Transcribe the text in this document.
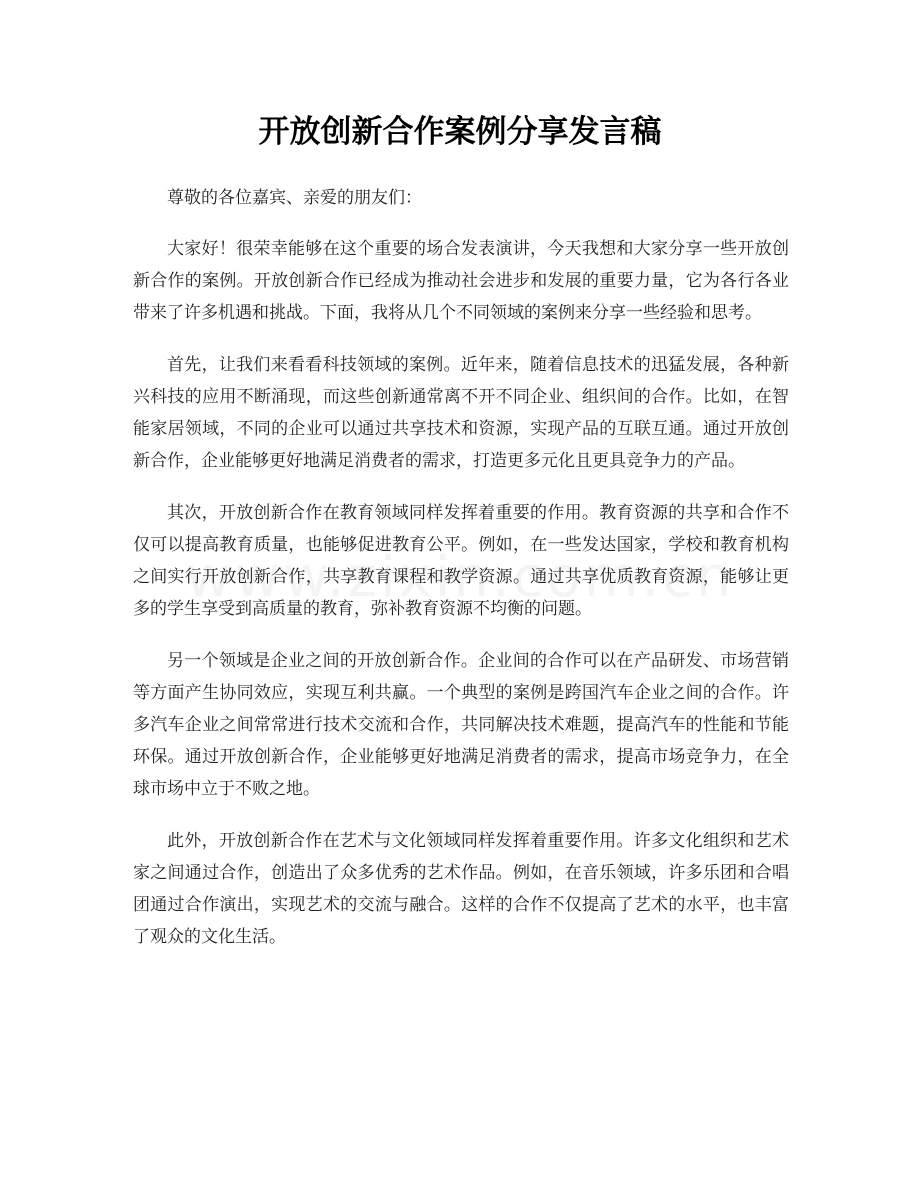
开放创新合作案例分享发言稿

尊敬的各位嘉宾、亲爱的朋友们：

大家好！很荣幸能够在这个重要的场合发表演讲，今天我想和大家分享一些开放创新合作的案例。开放创新合作已经成为推动社会进步和发展的重要力量，它为各行各业带来了许多机遇和挑战。下面，我将从几个不同领域的案例来分享一些经验和思考。

首先，让我们来看看科技领域的案例。近年来，随着信息技术的迅猛发展，各种新兴科技的应用不断涌现，而这些创新通常离不开不同企业、组织间的合作。比如，在智能家居领域，不同的企业可以通过共享技术和资源，实现产品的互联互通。通过开放创新合作，企业能够更好地满足消费者的需求，打造更多元化且更具竞争力的产品。

其次，开放创新合作在教育领域同样发挥着重要的作用。教育资源的共享和合作不仅可以提高教育质量，也能够促进教育公平。例如，在一些发达国家，学校和教育机构之间实行开放创新合作，共享教育课程和教学资源。通过共享优质教育资源，能够让更多的学生享受到高质量的教育，弥补教育资源不均衡的问题。

另一个领域是企业之间的开放创新合作。企业间的合作可以在产品研发、市场营销等方面产生协同效应，实现互利共赢。一个典型的案例是跨国汽车企业之间的合作。许多汽车企业之间常常进行技术交流和合作，共同解决技术难题，提高汽车的性能和节能环保。通过开放创新合作，企业能够更好地满足消费者的需求，提高市场竞争力，在全球市场中立于不败之地。

此外，开放创新合作在艺术与文化领域同样发挥着重要作用。许多文化组织和艺术家之间通过合作，创造出了众多优秀的艺术作品。例如，在音乐领域，许多乐团和合唱团通过合作演出，实现艺术的交流与融合。这样的合作不仅提高了艺术的水平，也丰富了观众的文化生活。
